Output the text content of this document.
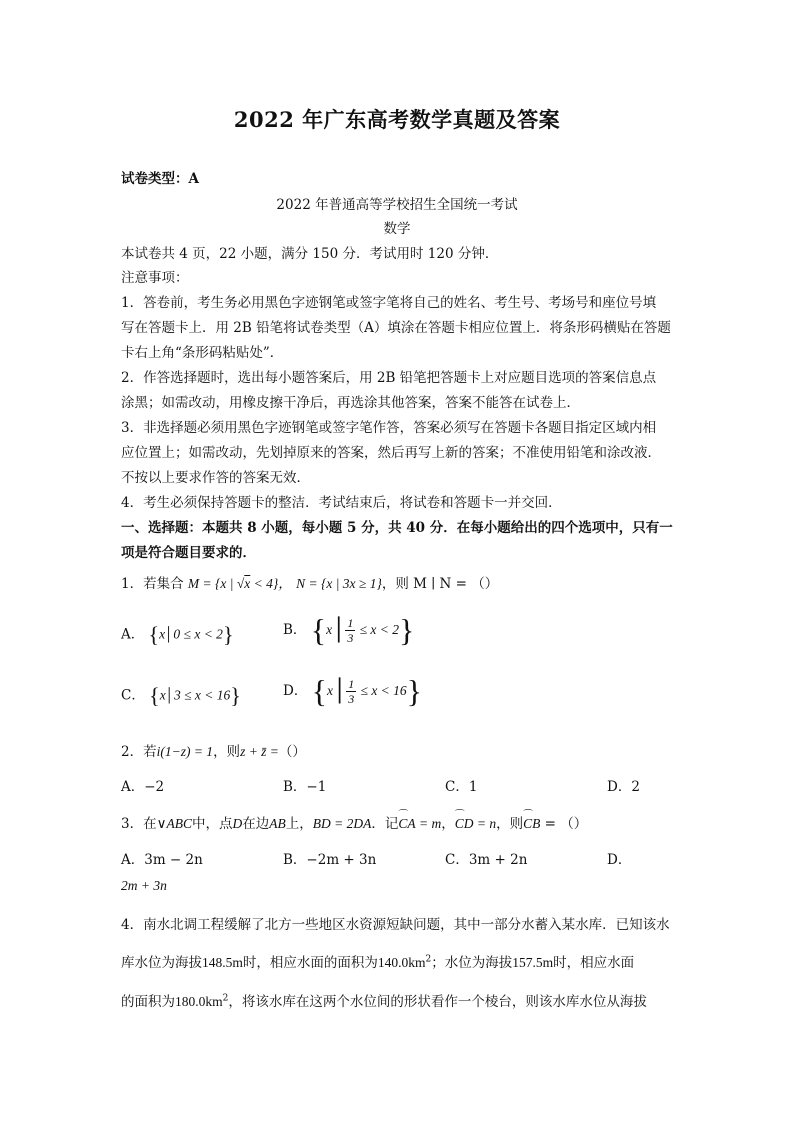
2022 年广东高考数学真题及答案
试卷类型：A
2022 年普通高等学校招生全国统一考试
数学
本试卷共 4 页，22 小题，满分 150 分．考试用时 120 分钟．
注意事项：
1．答卷前，考生务必用黑色字迹钢笔或签字笔将自己的姓名、考生号、考场号和座位号填
写在答题卡上．用 2B 铅笔将试卷类型（A）填涂在答题卡相应位置上．将条形码横贴在答题
卡右上角“条形码粘贴处”．
2．作答选择题时，选出每小题答案后，用 2B 铅笔把答题卡上对应题目选项的答案信息点
涂黑；如需改动，用橡皮擦干净后，再选涂其他答案，答案不能答在试卷上．
3．非选择题必须用黑色字迹钢笔或签字笔作答，答案必须写在答题卡各题目指定区域内相
应位置上；如需改动，先划掉原来的答案，然后再写上新的答案；不准使用铅笔和涂改液．
不按以上要求作答的答案无效．
4．考生必须保持答题卡的整洁．考试结束后，将试卷和答题卡一并交回．
一、选择题：本题共 8 小题，每小题 5 分，共 40 分．在每小题给出的四个选项中，只有一
项是符合题目要求的．
1．若集合 M = {x | √x < 4}， N = {x | 3x ≥ 1}，则 M ∣ N = （）
A． {x│0 ≤ x < 2}	B． {x│ $\frac{1}{3} \le x < 2$}
C． {x│3 ≤ x < 16}	D． {x│ $\frac{1}{3} \le x < 16$}
2．若i(1−z) = 1，则z + z̄ =（）
A．−2	B．−1	C．1	D．2
3．在∨ABC中，点D在边AB上，BD = 2DA．记⌒ CA = m，⌒ CD = n，则⌒ CB = （）
A．3m − 2n	B．−2m + 3n	C．3m + 2n	D．
2m + 3n
4．南水北调工程缓解了北方一些地区水资源短缺问题，其中一部分水蓄入某水库．已知该水
库水位为海拔148.5m时，相应水面的面积为$140.0km^2$；水位为海拔157.5m时，相应水面
的面积为$180.0km^2$，将该水库在这两个水位间的形状看作一个棱台，则该水库水位从海拔
